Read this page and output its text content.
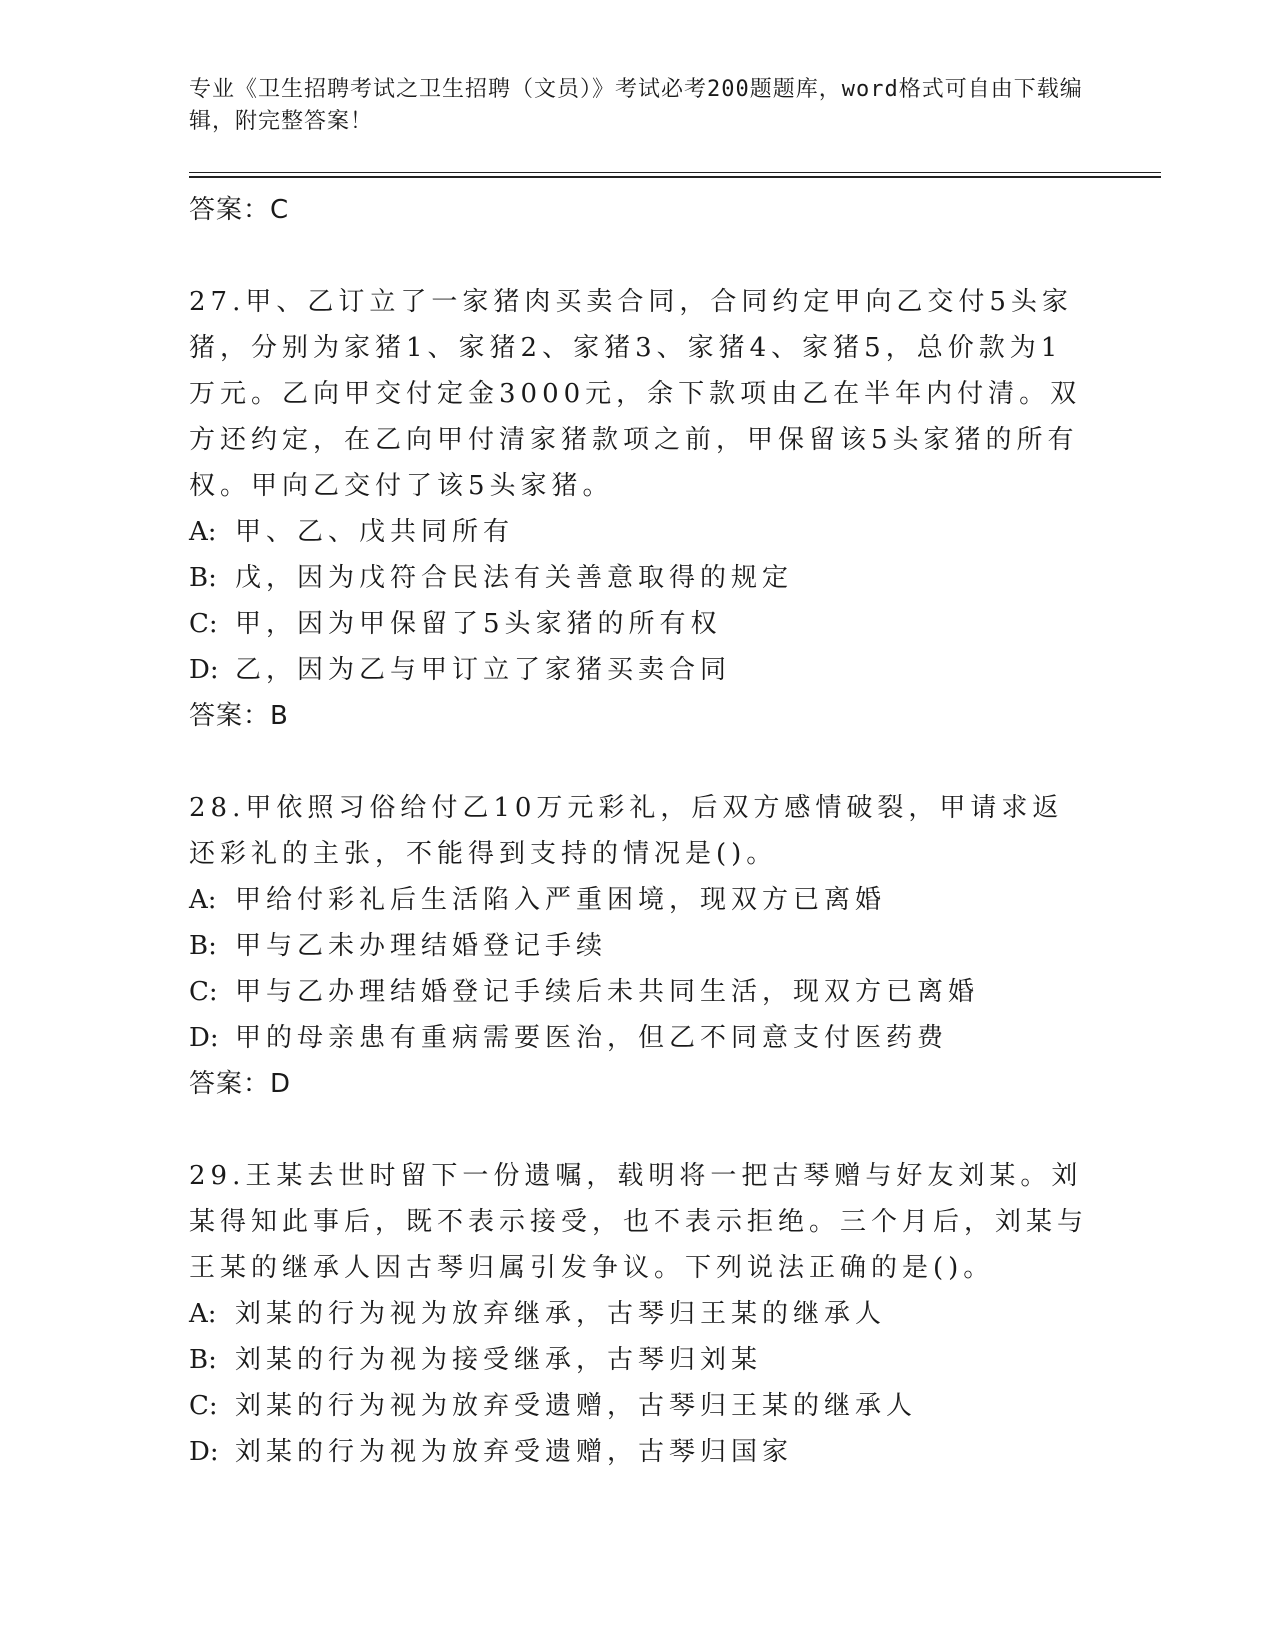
专业《卫生招聘考试之卫生招聘（文员）》考试必考200题题库，word格式可自由下载编辑，附完整答案！
答案：C
27.甲、乙订立了一家猪肉买卖合同，合同约定甲向乙交付5头家猪，分别为家猪1、家猪2、家猪3、家猪4、家猪5，总价款为1万元。乙向甲交付定金3000元，余下款项由乙在半年内付清。双方还约定，在乙向甲付清家猪款项之前，甲保留该5头家猪的所有权。甲向乙交付了该5头家猪。
A: 甲、乙、戊共同所有
B: 戊，因为戊符合民法有关善意取得的规定
C: 甲，因为甲保留了5头家猪的所有权
D: 乙，因为乙与甲订立了家猪买卖合同
答案：B
28.甲依照习俗给付乙10万元彩礼，后双方感情破裂，甲请求返还彩礼的主张，不能得到支持的情况是()。
A: 甲给付彩礼后生活陷入严重困境，现双方已离婚
B: 甲与乙未办理结婚登记手续
C: 甲与乙办理结婚登记手续后未共同生活，现双方已离婚
D: 甲的母亲患有重病需要医治，但乙不同意支付医药费
答案：D
29.王某去世时留下一份遗嘱，载明将一把古琴赠与好友刘某。刘某得知此事后，既不表示接受，也不表示拒绝。三个月后，刘某与王某的继承人因古琴归属引发争议。下列说法正确的是()。
A: 刘某的行为视为放弃继承，古琴归王某的继承人
B: 刘某的行为视为接受继承，古琴归刘某
C: 刘某的行为视为放弃受遗赠，古琴归王某的继承人
D: 刘某的行为视为放弃受遗赠，古琴归国家
